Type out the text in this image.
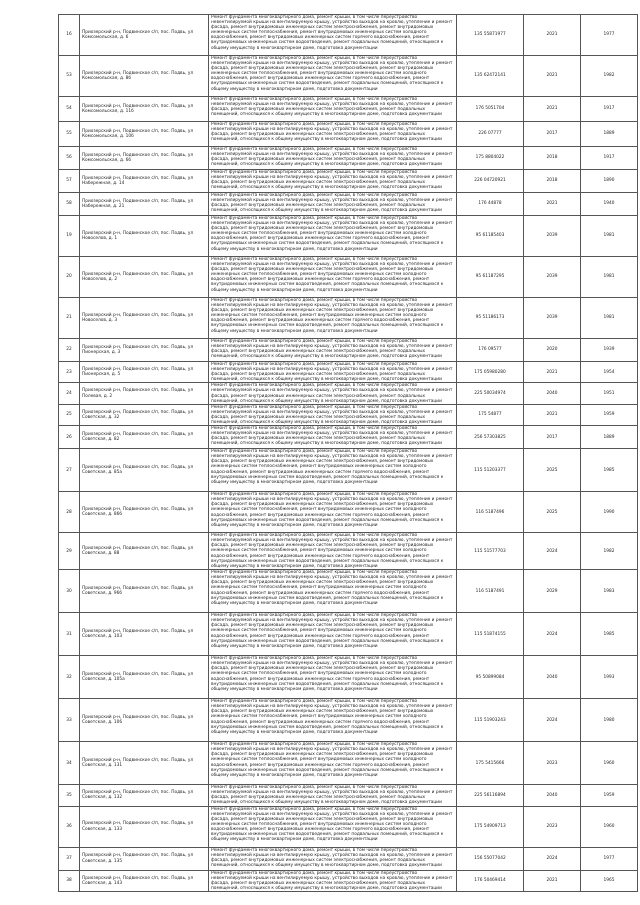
16	Приозерский р-н, Подвинское с/п, пос. Подвь, ул Комсомольская, д. 6	Ремонт фундамента многоквартирного дома, ремонт крыши, в том числе переустройство невентилируемой крыши на вентилируемую крышу, устройство выходов на кровлю, утепление и ремонт фасада, ремонт внутридомовых инженерных систем электроснабжения, ремонт внутридомовых инженерных систем теплоснабжения, ремонт внутридомовых инженерных систем холодного водоснабжения, ремонт внутридомовых инженерных систем горячего водоснабжения, ремонт внутридомовых инженерных систем водоотведения, ремонт подвальных помещений, относящихся к общему имуществу в многоквартирном доме, подготовка документации	135 55871977	2021	1977
53	Приозерский р-н, Подвинское с/п, пос. Подвь, ул Комсомольская, д. 8б	Ремонт фундамента многоквартирного дома, ремонт крыши, в том числе переустройство невентилируемой крыши на вентилируемую крышу, устройство выходов на кровлю, утепление и ремонт фасада, ремонт внутридомовых инженерных систем электроснабжения, ремонт внутридомовых инженерных систем теплоснабжения, ремонт внутридомовых инженерных систем холодного водоснабжения, ремонт внутридомовых инженерных систем горячего водоснабжения, ремонт внутридомовых инженерных систем водоотведения, ремонт подвальных помещений, относящихся к общему имуществу в многоквартирном доме, подготовка документации	135 62472141	2021	1982
54	Приозерский р-н, Подвинское с/п, пос. Подвь, ул Комсомольская, д. 11б	Ремонт фундамента многоквартирного дома, ремонт крыши, в том числе переустройство невентилируемой крыши на вентилируемую крышу, устройство выходов на кровлю, утепление и ремонт фасада, ремонт внутридомовых инженерных систем электроснабжения, ремонт подвальных помещений, относящихся к общему имуществу в многоквартирном доме, подготовка документации	176 5051704	2021	1917
55	Приозерский р-н, Подвинское с/п, пос. Подвь, ул Комсомольская, д. 10б	Ремонт фундамента многоквартирного дома, ремонт крыши, в том числе переустройство невентилируемой крыши на вентилируемую крышу, устройство выходов на кровлю, утепление и ремонт фасада, ремонт внутридомовых инженерных систем электроснабжения, ремонт подвальных помещений, относящихся к общему имуществу в многоквартирном доме, подготовка документации	226 07777	2017	1889
56	Приозерский р-н, Подвинское с/п, пос. Подвь, ул Комсомольская, д. 6б	Ремонт фундамента многоквартирного дома, ремонт крыши, в том числе переустройство невентилируемой крыши на вентилируемую крышу, устройство выходов на кровлю, утепление и ремонт фасада, ремонт внутридомовых инженерных систем электроснабжения, ремонт подвальных помещений, относящихся к общему имуществу в многоквартирном доме, подготовка документации	175 8804022	2018	1917
57	Приозерский р-н, Подвинское с/п, пос. Подвь, ул Набережная, д. 14	Ремонт фундамента многоквартирного дома, ремонт крыши, в том числе переустройство невентилируемой крыши на вентилируемую крышу, устройство выходов на кровлю, утепление и ремонт фасада, ремонт внутридомовых инженерных систем электроснабжения, ремонт подвальных помещений, относящихся к общему имуществу в многоквартирном доме, подготовка документации	226 04720921	2018	1890
58	Приозерский р-н, Подвинское с/п, пос. Подвь, ул Набережная, д. 21	Ремонт фундамента многоквартирного дома, ремонт крыши, в том числе переустройство невентилируемой крыши на вентилируемую крышу, устройство выходов на кровлю, утепление и ремонт фасада, ремонт внутридомовых инженерных систем электроснабжения, ремонт подвальных помещений, относящихся к общему имуществу в многоквартирном доме, подготовка документации	176 44878	2021	1940
19	Приозерский р-н, Подвинское с/п, пос. Подвь, ул Новоселов, д. 1	Ремонт фундамента многоквартирного дома, ремонт крыши, в том числе переустройство невентилируемой крыши на вентилируемую крышу, устройство выходов на кровлю, утепление и ремонт фасада, ремонт внутридомовых инженерных систем электроснабжения, ремонт внутридомовых инженерных систем теплоснабжения, ремонт внутридомовых инженерных систем холодного водоснабжения, ремонт внутридомовых инженерных систем горячего водоснабжения, ремонт внутридомовых инженерных систем водоотведения, ремонт подвальных помещений, относящихся к общему имуществу в многоквартирном доме, подготовка документации	95 61185403	2039	1981
20	Приозерский р-н, Подвинское с/п, пос. Подвь, ул Новоселов, д. 2	Ремонт фундамента многоквартирного дома, ремонт крыши, в том числе переустройство невентилируемой крыши на вентилируемую крышу, устройство выходов на кровлю, утепление и ремонт фасада, ремонт внутридомовых инженерных систем электроснабжения, ремонт внутридомовых инженерных систем теплоснабжения, ремонт внутридомовых инженерных систем холодного водоснабжения, ремонт внутридомовых инженерных систем горячего водоснабжения, ремонт внутридомовых инженерных систем водоотведения, ремонт подвальных помещений, относящихся к общему имуществу в многоквартирном доме, подготовка документации	95 61187295	2039	1981
21	Приозерский р-н, Подвинское с/п, пос. Подвь, ул Новоселов, д. 3	Ремонт фундамента многоквартирного дома, ремонт крыши, в том числе переустройство невентилируемой крыши на вентилируемую крышу, устройство выходов на кровлю, утепление и ремонт фасада, ремонт внутридомовых инженерных систем электроснабжения, ремонт внутридомовых инженерных систем теплоснабжения, ремонт внутридомовых инженерных систем холодного водоснабжения, ремонт внутридомовых инженерных систем горячего водоснабжения, ремонт внутридомовых инженерных систем водоотведения, ремонт подвальных помещений, относящихся к общему имуществу в многоквартирном доме, подготовка документации	95 51186173	2039	1981
22	Приозерский р-н, Подвинское с/п, пос. Подвь, ул Пионерская, д. 3	Ремонт фундамента многоквартирного дома, ремонт крыши, в том числе переустройство невентилируемой крыши на вентилируемую крышу, устройство выходов на кровлю, утепление и ремонт фасада, ремонт внутридомовых инженерных систем электроснабжения, ремонт подвальных помещений, относящихся к общему имуществу в многоквартирном доме, подготовка документации	176 09577	2020	1939
23	Приозерский р-н, Подвинское с/п, пос. Подвь, ул Пионерская, д. 5	Ремонт фундамента многоквартирного дома, ремонт крыши, в том числе переустройство невентилируемой крыши на вентилируемую крышу, устройство выходов на кровлю, утепление и ремонт фасада, ремонт внутридомовых инженерных систем электроснабжения, ремонт подвальных помещений, относящихся к общему имуществу в многоквартирном доме, подготовка документации	175 05980280	2021	1954
24	Приозерский р-н, Подвинское с/п, пос. Подвь, ул Полевая, д. 2	Ремонт фундамента многоквартирного дома, ремонт крыши, в том числе переустройство невентилируемой крыши на вентилируемую крышу, устройство выходов на кровлю, утепление и ремонт фасада, ремонт внутридомовых инженерных систем электроснабжения, ремонт подвальных помещений, относящихся к общему имуществу в многоквартирном доме, подготовка документации	225 50034974	2040	1951
25	Приозерский р-н, Подвинское с/п, пос. Подвь, ул Советская, д. 32	Ремонт фундамента многоквартирного дома, ремонт крыши, в том числе переустройство невентилируемой крыши на вентилируемую крышу, устройство выходов на кровлю, утепление и ремонт фасада, ремонт внутридомовых инженерных систем электроснабжения, ремонт подвальных помещений, относящихся к общему имуществу в многоквартирном доме, подготовка документации	175 54877	2021	1959
26	Приозерский р-н, Подвинское с/п, пос. Подвь, ул Советская, д. 82	Ремонт фундамента многоквартирного дома, ремонт крыши, в том числе переустройство невентилируемой крыши на вентилируемую крышу, устройство выходов на кровлю, утепление и ремонт фасада, ремонт внутридомовых инженерных систем электроснабжения, ремонт подвальных помещений, относящихся к общему имуществу в многоквартирном доме, подготовка документации	256 57303825	2017	1889
27	Приозерский р-н, Подвинское с/п, пос. Подвь, ул Советская, д. 85а	Ремонт фундамента многоквартирного дома, ремонт крыши, в том числе переустройство невентилируемой крыши на вентилируемую крышу, устройство выходов на кровлю, утепление и ремонт фасада, ремонт внутридомовых инженерных систем электроснабжения, ремонт внутридомовых инженерных систем теплоснабжения, ремонт внутридомовых инженерных систем холодного водоснабжения, ремонт внутридомовых инженерных систем горячего водоснабжения, ремонт внутридомовых инженерных систем водоотведения, ремонт подвальных помещений, относящихся к общему имуществу в многоквартирном доме, подготовка документации	115 51203377	2025	1985
28	Приозерский р-н, Подвинское с/п, пос. Подвь, ул Советская, д. 86б	Ремонт фундамента многоквартирного дома, ремонт крыши, в том числе переустройство невентилируемой крыши на вентилируемую крышу, устройство выходов на кровлю, утепление и ремонт фасада, ремонт внутридомовых инженерных систем электроснабжения, ремонт внутридомовых инженерных систем теплоснабжения, ремонт внутридомовых инженерных систем холодного водоснабжения, ремонт внутридомовых инженерных систем горячего водоснабжения, ремонт внутридомовых инженерных систем водоотведения, ремонт подвальных помещений, относящихся к общему имуществу в многоквартирном доме, подготовка документации	116 5187496	2025	1990
29	Приозерский р-н, Подвинское с/п, пос. Подвь, ул Советская, д. 88	Ремонт фундамента многоквартирного дома, ремонт крыши, в том числе переустройство невентилируемой крыши на вентилируемую крышу, устройство выходов на кровлю, утепление и ремонт фасада, ремонт внутридомовых инженерных систем электроснабжения, ремонт внутридомовых инженерных систем теплоснабжения, ремонт внутридомовых инженерных систем холодного водоснабжения, ремонт внутридомовых инженерных систем горячего водоснабжения, ремонт внутридомовых инженерных систем водоотведения, ремонт подвальных помещений, относящихся к общему имуществу в многоквартирном доме, подготовка документации	115 51577703	2024	1982
30	Приозерский р-н, Подвинское с/п, пос. Подвь, ул Советская, д. 96б	Ремонт фундамента многоквартирного дома, ремонт крыши, в том числе переустройство невентилируемой крыши на вентилируемую крышу, устройство выходов на кровлю, утепление и ремонт фасада, ремонт внутридомовых инженерных систем электроснабжения, ремонт внутридомовых инженерных систем теплоснабжения, ремонт внутридомовых инженерных систем холодного водоснабжения, ремонт внутридомовых инженерных систем горячего водоснабжения, ремонт внутридомовых инженерных систем водоотведения, ремонт подвальных помещений, относящихся к общему имуществу в многоквартирном доме, подготовка документации	116 5187491	2029	1983
31	Приозерский р-н, Подвинское с/п, пос. Подвь, ул Советская, д. 103	Ремонт фундамента многоквартирного дома, ремонт крыши, в том числе переустройство невентилируемой крыши на вентилируемую крышу, устройство выходов на кровлю, утепление и ремонт фасада, ремонт внутридомовых инженерных систем электроснабжения, ремонт внутридомовых инженерных систем теплоснабжения, ремонт внутридомовых инженерных систем холодного водоснабжения, ремонт внутридомовых инженерных систем горячего водоснабжения, ремонт внутридомовых инженерных систем водоотведения, ремонт подвальных помещений, относящихся к общему имуществу в многоквартирном доме, подготовка документации	115 51874155	2024	1985
32	Приозерский р-н, Подвинское с/п, пос. Подвь, ул Советская, д. 105а	Ремонт фундамента многоквартирного дома, ремонт крыши, в том числе переустройство невентилируемой крыши на вентилируемую крышу, устройство выходов на кровлю, утепление и ремонт фасада, ремонт внутридомовых инженерных систем электроснабжения, ремонт внутридомовых инженерных систем теплоснабжения, ремонт внутридомовых инженерных систем холодного водоснабжения, ремонт внутридомовых инженерных систем горячего водоснабжения, ремонт внутридомовых инженерных систем водоотведения, ремонт подвальных помещений, относящихся к общему имуществу в многоквартирном доме, подготовка документации	95 50899084	2040	1993
33	Приозерский р-н, Подвинское с/п, пос. Подвь, ул Советская, д. 106	Ремонт фундамента многоквартирного дома, ремонт крыши, в том числе переустройство невентилируемой крыши на вентилируемую крышу, устройство выходов на кровлю, утепление и ремонт фасада, ремонт внутридомовых инженерных систем электроснабжения, ремонт внутридомовых инженерных систем теплоснабжения, ремонт внутридомовых инженерных систем холодного водоснабжения, ремонт внутридомовых инженерных систем горячего водоснабжения, ремонт внутридомовых инженерных систем водоотведения, ремонт подвальных помещений, относящихся к общему имуществу в многоквартирном доме, подготовка документации	115 51903243	2024	1980
34	Приозерский р-н, Подвинское с/п, пос. Подвь, ул Советская, д. 131	Ремонт фундамента многоквартирного дома, ремонт крыши, в том числе переустройство невентилируемой крыши на вентилируемую крышу, устройство выходов на кровлю, утепление и ремонт фасада, ремонт внутридомовых инженерных систем электроснабжения, ремонт внутридомовых инженерных систем теплоснабжения, ремонт внутридомовых инженерных систем холодного водоснабжения, ремонт внутридомовых инженерных систем горячего водоснабжения, ремонт внутридомовых инженерных систем водоотведения, ремонт подвальных помещений, относящихся к общему имуществу в многоквартирном доме, подготовка документации	175 5415666	2023	1960
35	Приозерский р-н, Подвинское с/п, пос. Подвь, ул Советская, д. 132	Ремонт фундамента многоквартирного дома, ремонт крыши, в том числе переустройство невентилируемой крыши на вентилируемую крышу, устройство выходов на кровлю, утепление и ремонт фасада, ремонт внутридомовых инженерных систем электроснабжения, ремонт подвальных помещений, относящихся к общему имуществу в многоквартирном доме, подготовка документации	225 56116894	2040	1959
36	Приозерский р-н, Подвинское с/п, пос. Подвь, ул Советская, д. 133	Ремонт фундамента многоквартирного дома, ремонт крыши, в том числе переустройство невентилируемой крыши на вентилируемую крышу, устройство выходов на кровлю, утепление и ремонт фасада, ремонт внутридомовых инженерных систем электроснабжения, ремонт внутридомовых инженерных систем теплоснабжения, ремонт внутридомовых инженерных систем холодного водоснабжения, ремонт внутридомовых инженерных систем горячего водоснабжения, ремонт внутридомовых инженерных систем водоотведения, ремонт подвальных помещений, относящихся к общему имуществу в многоквартирном доме, подготовка документации	175 54909713	2023	1960
37	Приозерский р-н, Подвинское с/п, пос. Подвь, ул Советская, д. 135	Ремонт фундамента многоквартирного дома, ремонт крыши, в том числе переустройство невентилируемой крыши на вентилируемую крышу, устройство выходов на кровлю, утепление и ремонт фасада, ремонт внутридомовых инженерных систем электроснабжения, ремонт подвальных помещений, относящихся к общему имуществу в многоквартирном доме, подготовка документации	156 55077042	2024	1977
38	Приозерский р-н, Подвинское с/п, пос. Подвь, ул Советская, д. 143	Ремонт фундамента многоквартирного дома, ремонт крыши, в том числе переустройство невентилируемой крыши на вентилируемую крышу, устройство выходов на кровлю, утепление и ремонт фасада, ремонт внутридомовых инженерных систем электроснабжения, ремонт подвальных помещений, относящихся к общему имуществу в многоквартирном доме, подготовка документации	176 50469414	2021	1965
